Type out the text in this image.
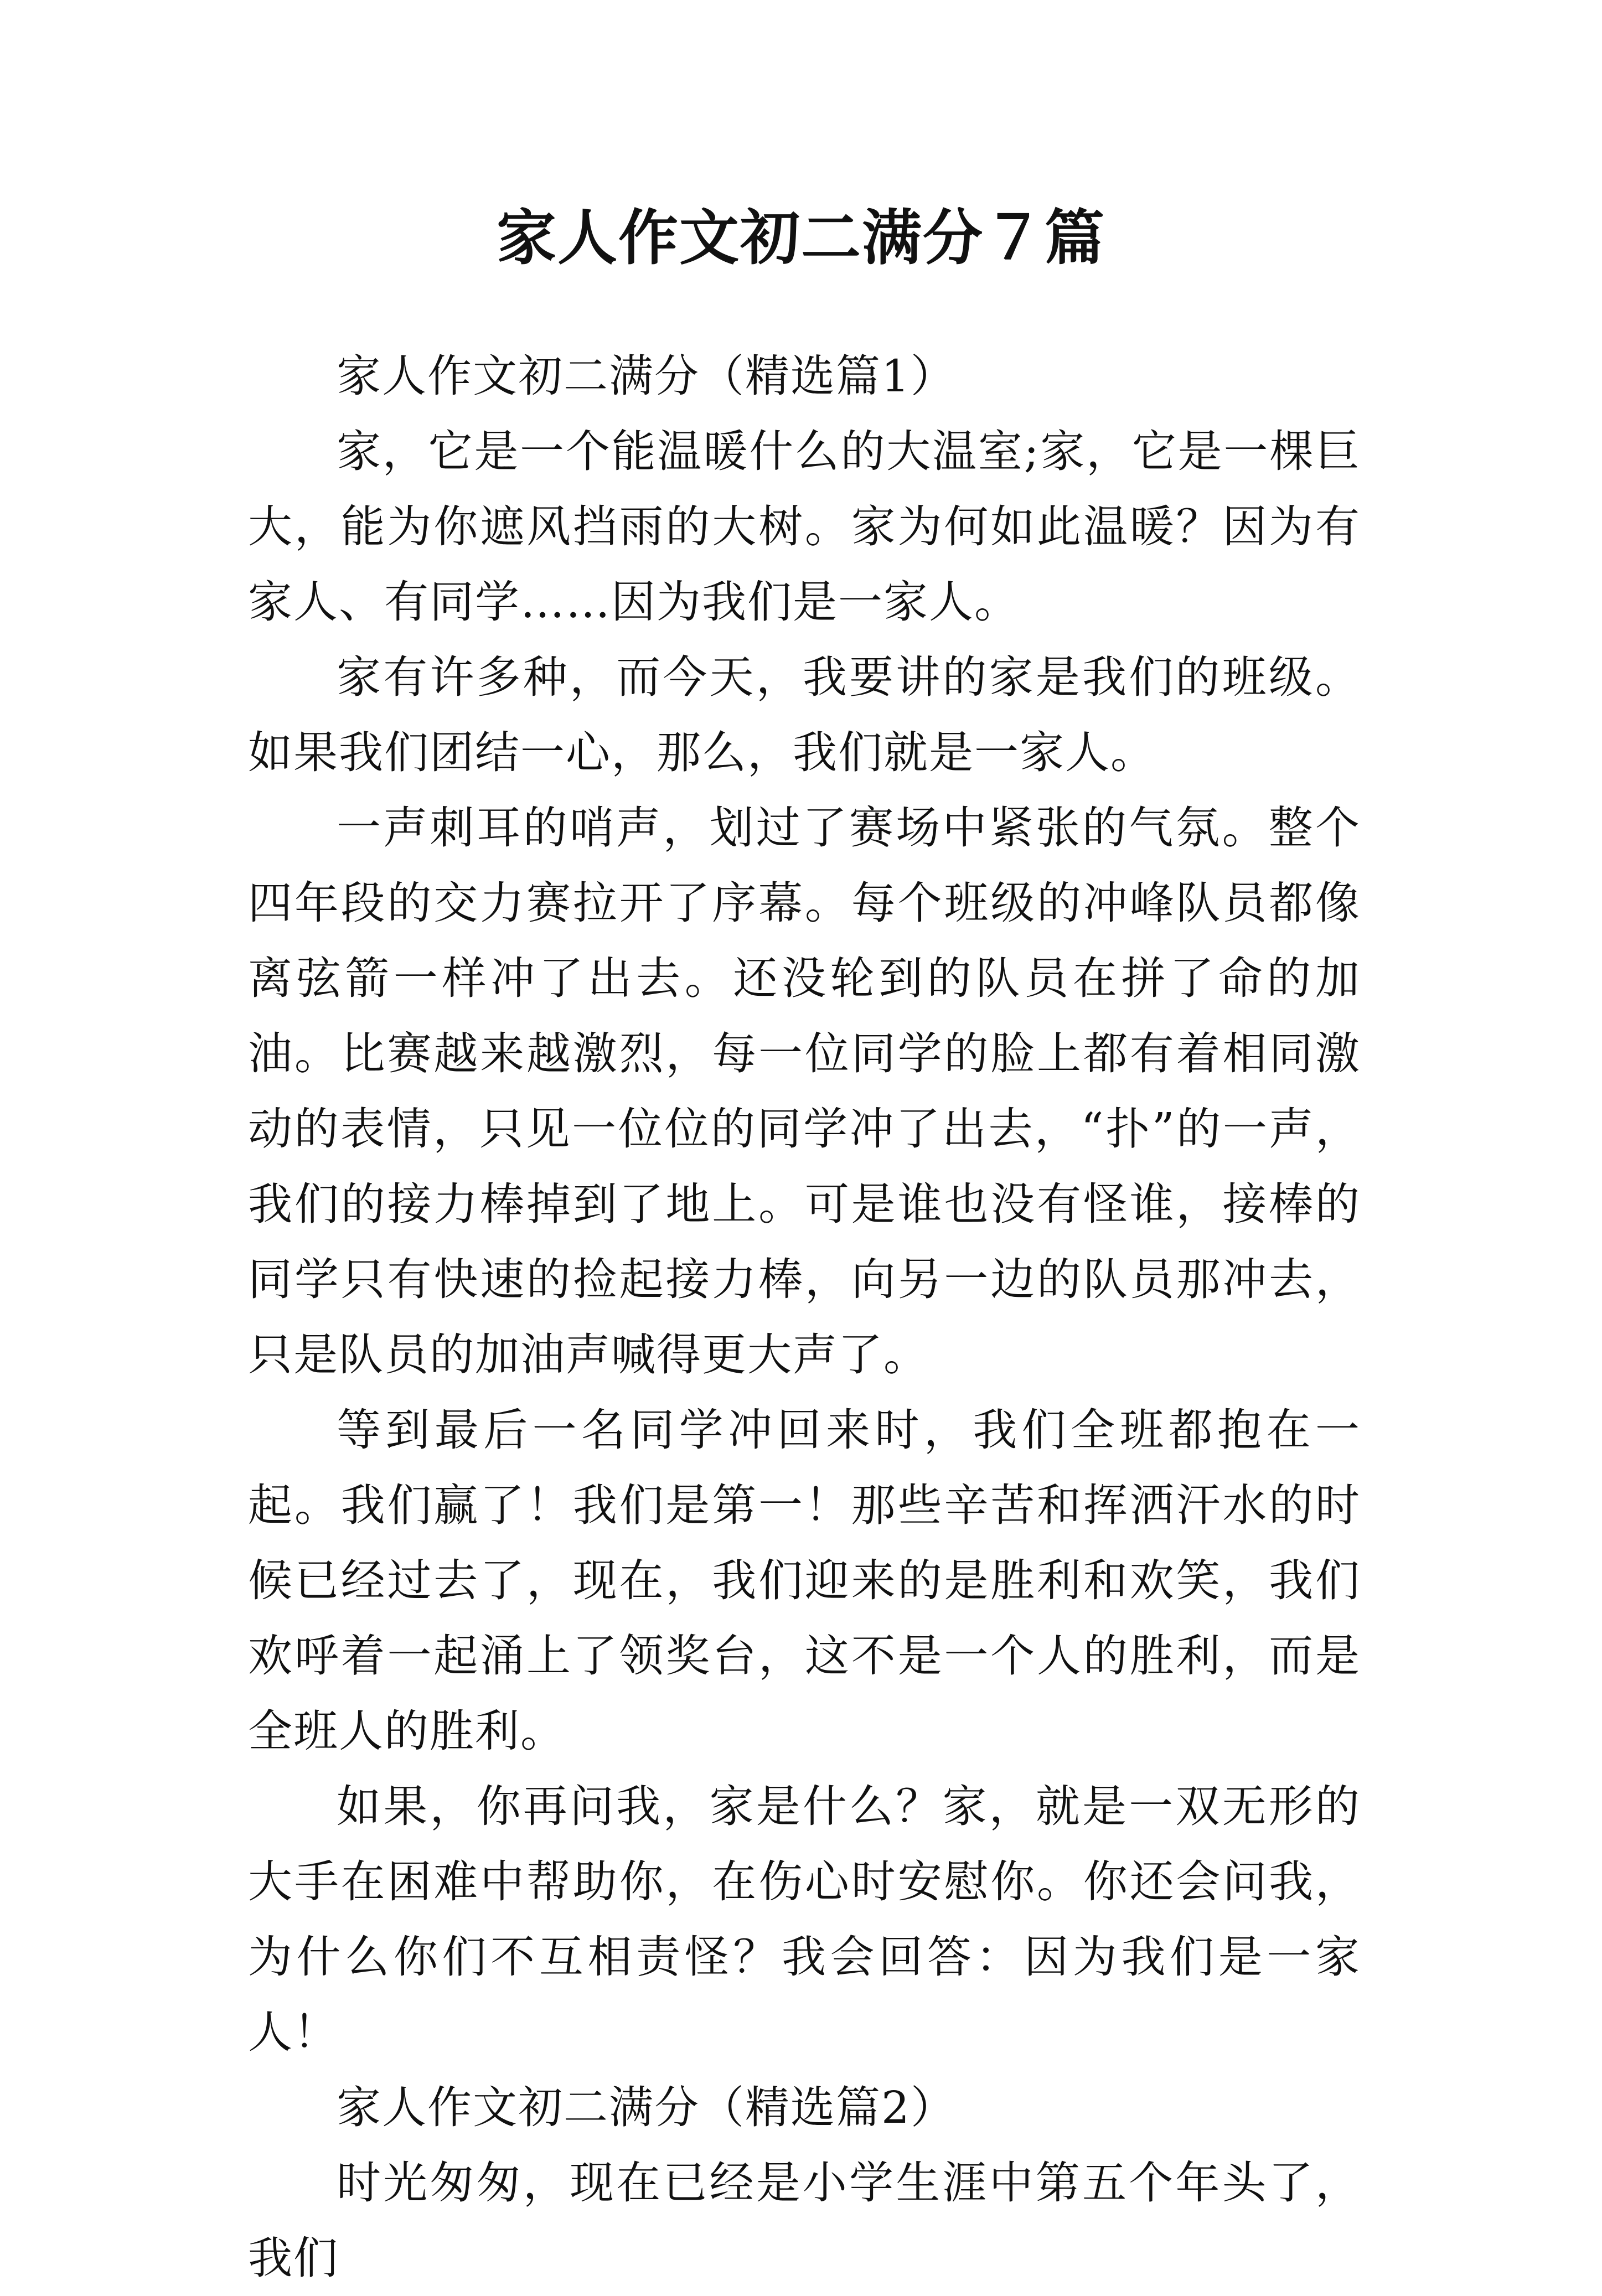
家人作文初二满分７篇

家人作文初二满分（精选篇1）

家，它是一个能温暖什么的大温室;家，它是一棵巨大，能为你遮风挡雨的大树。家为何如此温暖？因为有家人、有同学……因为我们是一家人。

家有许多种，而今天，我要讲的家是我们的班级。如果我们团结一心，那么，我们就是一家人。

一声刺耳的哨声，划过了赛场中紧张的气氛。整个四年段的交力赛拉开了序幕。每个班级的冲峰队员都像离弦箭一样冲了出去。还没轮到的队员在拼了命的加油。比赛越来越激烈，每一位同学的脸上都有着相同激动的表情，只见一位位的同学冲了出去，“扑”的一声，我们的接力棒掉到了地上。可是谁也没有怪谁，接棒的同学只有快速的捡起接力棒，向另一边的队员那冲去，只是队员的加油声喊得更大声了。

等到最后一名同学冲回来时，我们全班都抱在一起。我们赢了！我们是第一！那些辛苦和挥洒汗水的时候已经过去了，现在，我们迎来的是胜利和欢笑，我们欢呼着一起涌上了领奖台，这不是一个人的胜利，而是全班人的胜利。

如果，你再问我，家是什么？家，就是一双无形的大手在困难中帮助你，在伤心时安慰你。你还会问我，为什么你们不互相责怪？我会回答：因为我们是一家人！

家人作文初二满分（精选篇2）

时光匆匆，现在已经是小学生涯中第五个年头了，我们
